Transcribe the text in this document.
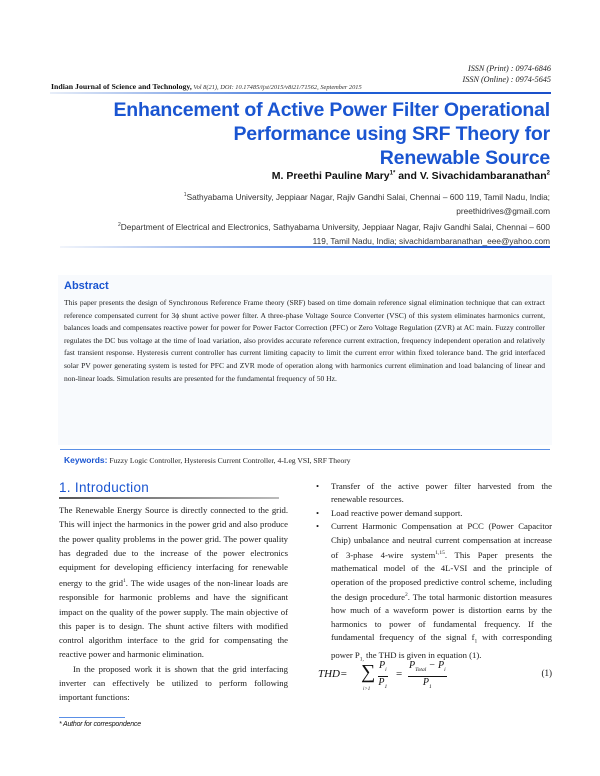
ISSN (Print) : 0974-6846
ISSN (Online) : 0974-5645
Indian Journal of Science and Technology, Vol 8(21), DOI: 10.17485/ijst/2015/v8i21/71562, September 2015
Enhancement of Active Power Filter Operational
Performance using SRF Theory for
Renewable Source
M. Preethi Pauline Mary$^{1*}$ and V. Sivachidambaranathan$^2$
$^1$Sathyabama University, Jeppiaar Nagar, Rajiv Gandhi Salai, Chennai – 600 119, Tamil Nadu, India;
preethidrives@gmail.com
$^2$Department of Electrical and Electronics, Sathyabama University, Jeppiaar Nagar, Rajiv Gandhi Salai, Chennai – 600
119, Tamil Nadu, India; sivachidambaranathan_eee@yahoo.com
Abstract
This paper presents the design of Synchronous Reference Frame theory (SRF) based on time domain reference signal elimination technique that can extract reference compensated current for 3ϕ shunt active power filter. A three-phase Voltage Source Converter (VSC) of this system eliminates harmonics current, balances loads and compensates reactive power for power for Power Factor Correction (PFC) or Zero Voltage Regulation (ZVR) at AC main. Fuzzy controller regulates the DC bus voltage at the time of load variation, also provides accurate reference current extraction, frequency independent operation and relatively fast transient response. Hysteresis current controller has current limiting capacity to limit the current error within fixed tolerance band. The grid interfaced solar PV power generating system is tested for PFC and ZVR mode of operation along with harmonics current elimination and load balancing of linear and non-linear loads. Simulation results are presented for the fundamental frequency of 50 Hz.
Keywords: Fuzzy Logic Controller, Hysteresis Current Controller, 4-Leg VSI, SRF Theory
1. Introduction

The Renewable Energy Source is directly connected to the grid. This will inject the harmonics in the power grid and also produce the power quality problems in the power grid. The power quality has degraded due to the increase of the power electronics equipment for developing efficiency interfacing for renewable energy to the grid$^1$. The wide usages of the non-linear loads are responsible for harmonic problems and have the significant impact on the quality of the power supply. The main objective of this paper is to design. The shunt active filters with modified control algorithm interface to the grid for compensating the reactive power and harmonic elimination.

In the proposed work it is shown that the grid interfacing inverter can effectively be utilized to perform following important functions:

• Transfer of the active power filter harvested from the renewable resources.
• Load reactive power demand support.
• Current Harmonic Compensation at PCC (Power Capacitor Chip) unbalance and neutral current compensation at increase of 3-phase 4-wire system$^{1,15}$. This Paper presents the mathematical model of the 4L-VSI and the principle of operation of the proposed predictive control scheme, including the design procedure$^2$. The total harmonic distortion measures how much of a waveform power is distortion earns by the harmonics to power of fundamental frequency. If the fundamental frequency of the signal $f_1$ with corresponding power $P_{1,}$ the THD is given in equation (1).
THD= ∑
$i>1 \frac{P_i}{P_1}$ =
$P_{Total} - P_i$
$P_1$
(1)
* Author for correspondence
